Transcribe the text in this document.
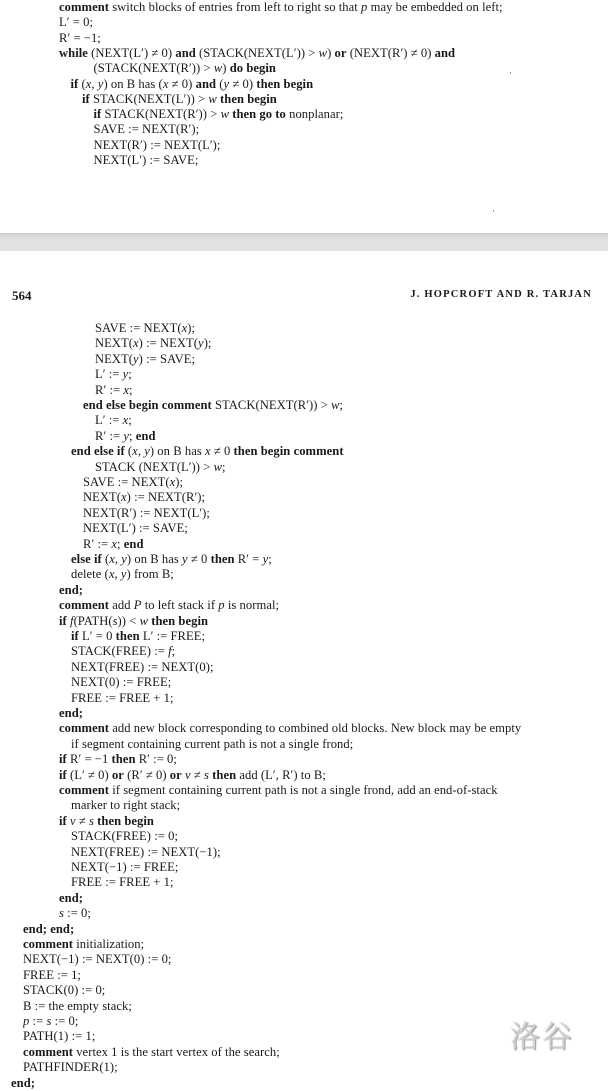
comment switch blocks of entries from left to right so that p may be embedded on left;
L′ = 0;
R′ = −1;
while (NEXT(L′) ≠ 0) and (STACK(NEXT(L′)) > w) or (NEXT(R′) ≠ 0) and
(STACK(NEXT(R′)) > w) do begin
if (x, y) on B has (x ≠ 0) and (y ≠ 0) then begin
if STACK(NEXT(L′)) > w then begin
if STACK(NEXT(R′)) > w then go to nonplanar;
SAVE := NEXT(R′);
NEXT(R′) := NEXT(L′);
NEXT(L′) := SAVE;
564	J. HOPCROFT AND R. TARJAN
SAVE := NEXT(x);
NEXT(x) := NEXT(y);
NEXT(y) := SAVE;
L′ := y;
R′ := x;
end else begin comment STACK(NEXT(R′)) > w;
L′ := x;
R′ := y; end
end else if (x, y) on B has x ≠ 0 then begin comment
STACK (NEXT(L′)) > w;
SAVE := NEXT(x);
NEXT(x) := NEXT(R′);
NEXT(R′) := NEXT(L′);
NEXT(L′) := SAVE;
R′ := x; end
else if (x, y) on B has y ≠ 0 then R′ = y;
delete (x, y) from B;
end;
comment add P to left stack if p is normal;
if f(PATH(s)) < w then begin
if L′ = 0 then L′ := FREE;
STACK(FREE) := f;
NEXT(FREE) := NEXT(0);
NEXT(0) := FREE;
FREE := FREE + 1;
end;
comment add new block corresponding to combined old blocks. New block may be empty
if segment containing current path is not a single frond;
if R′ = −1 then R′ := 0;
if (L′ ≠ 0) or (R′ ≠ 0) or v ≠ s then add (L′, R′) to B;
comment if segment containing current path is not a single frond, add an end-of-stack
marker to right stack;
if v ≠ s then begin
STACK(FREE) := 0;
NEXT(FREE) := NEXT(−1);
NEXT(−1) := FREE;
FREE := FREE + 1;
end;
s := 0;
end; end;
comment initialization;
NEXT(−1) := NEXT(0) := 0;
FREE := 1;
STACK(0) := 0;
B := the empty stack;
p := s := 0;
PATH(1) := 1;
comment vertex 1 is the start vertex of the search;
PATHFINDER(1);
end;
洛谷
